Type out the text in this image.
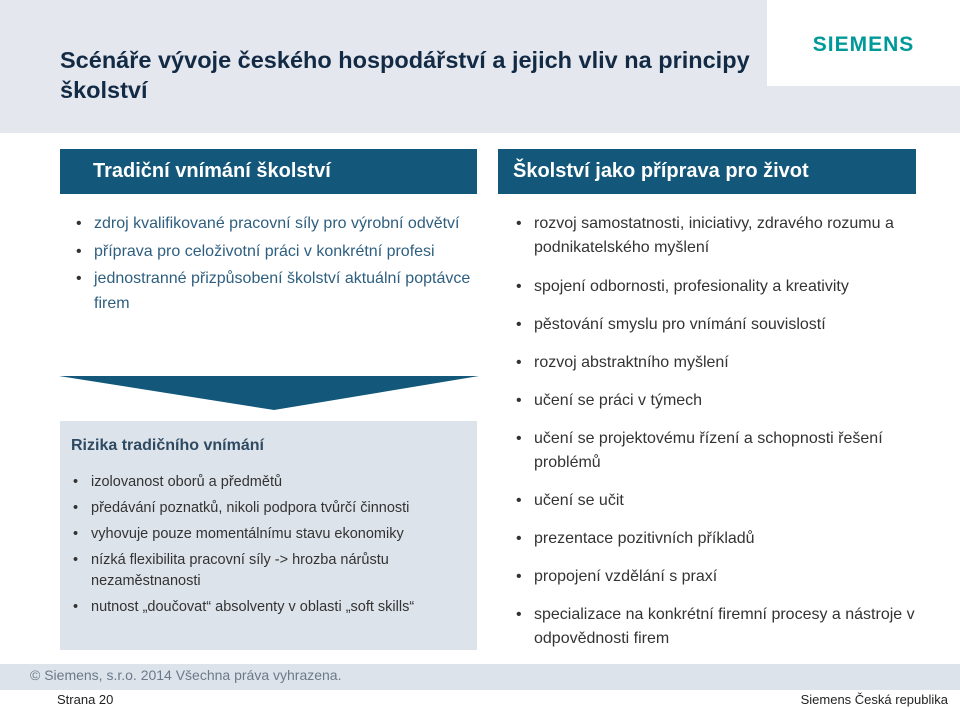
Scénáře vývoje českého hospodářství a jejich vliv na principy školství
SIEMENS
Tradiční vnímání školství	Školství jako příprava pro život
• zdroj kvalifikované pracovní síly pro výrobní odvětví
• příprava pro celoživotní práci v konkrétní profesi
• jednostranné přizpůsobení školství aktuální poptávce firem
Rizika tradičního vnímání
• izolovanost oborů a předmětů
• předávání poznatků, nikoli podpora tvůrčí činnosti
• vyhovuje pouze momentálnímu stavu ekonomiky
• nízká flexibilita pracovní síly -> hrozba nárůstu nezaměstnanosti
• nutnost „doučovat“ absolventy v oblasti „soft skills“
• rozvoj samostatnosti, iniciativy, zdravého rozumu a podnikatelského myšlení
• spojení odbornosti, profesionality a kreativity
• pěstování smyslu pro vnímání souvislostí
• rozvoj abstraktního myšlení
• učení se práci v týmech
• učení se projektovému řízení a schopnosti řešení problémů
• učení se učit
• prezentace pozitivních příkladů
• propojení vzdělání s praxí
• specializace na konkrétní firemní procesy a nástroje v odpovědnosti firem
© Siemens, s.r.o. 2014 Všechna práva vyhrazena.
Strana 20	Siemens Česká republika
